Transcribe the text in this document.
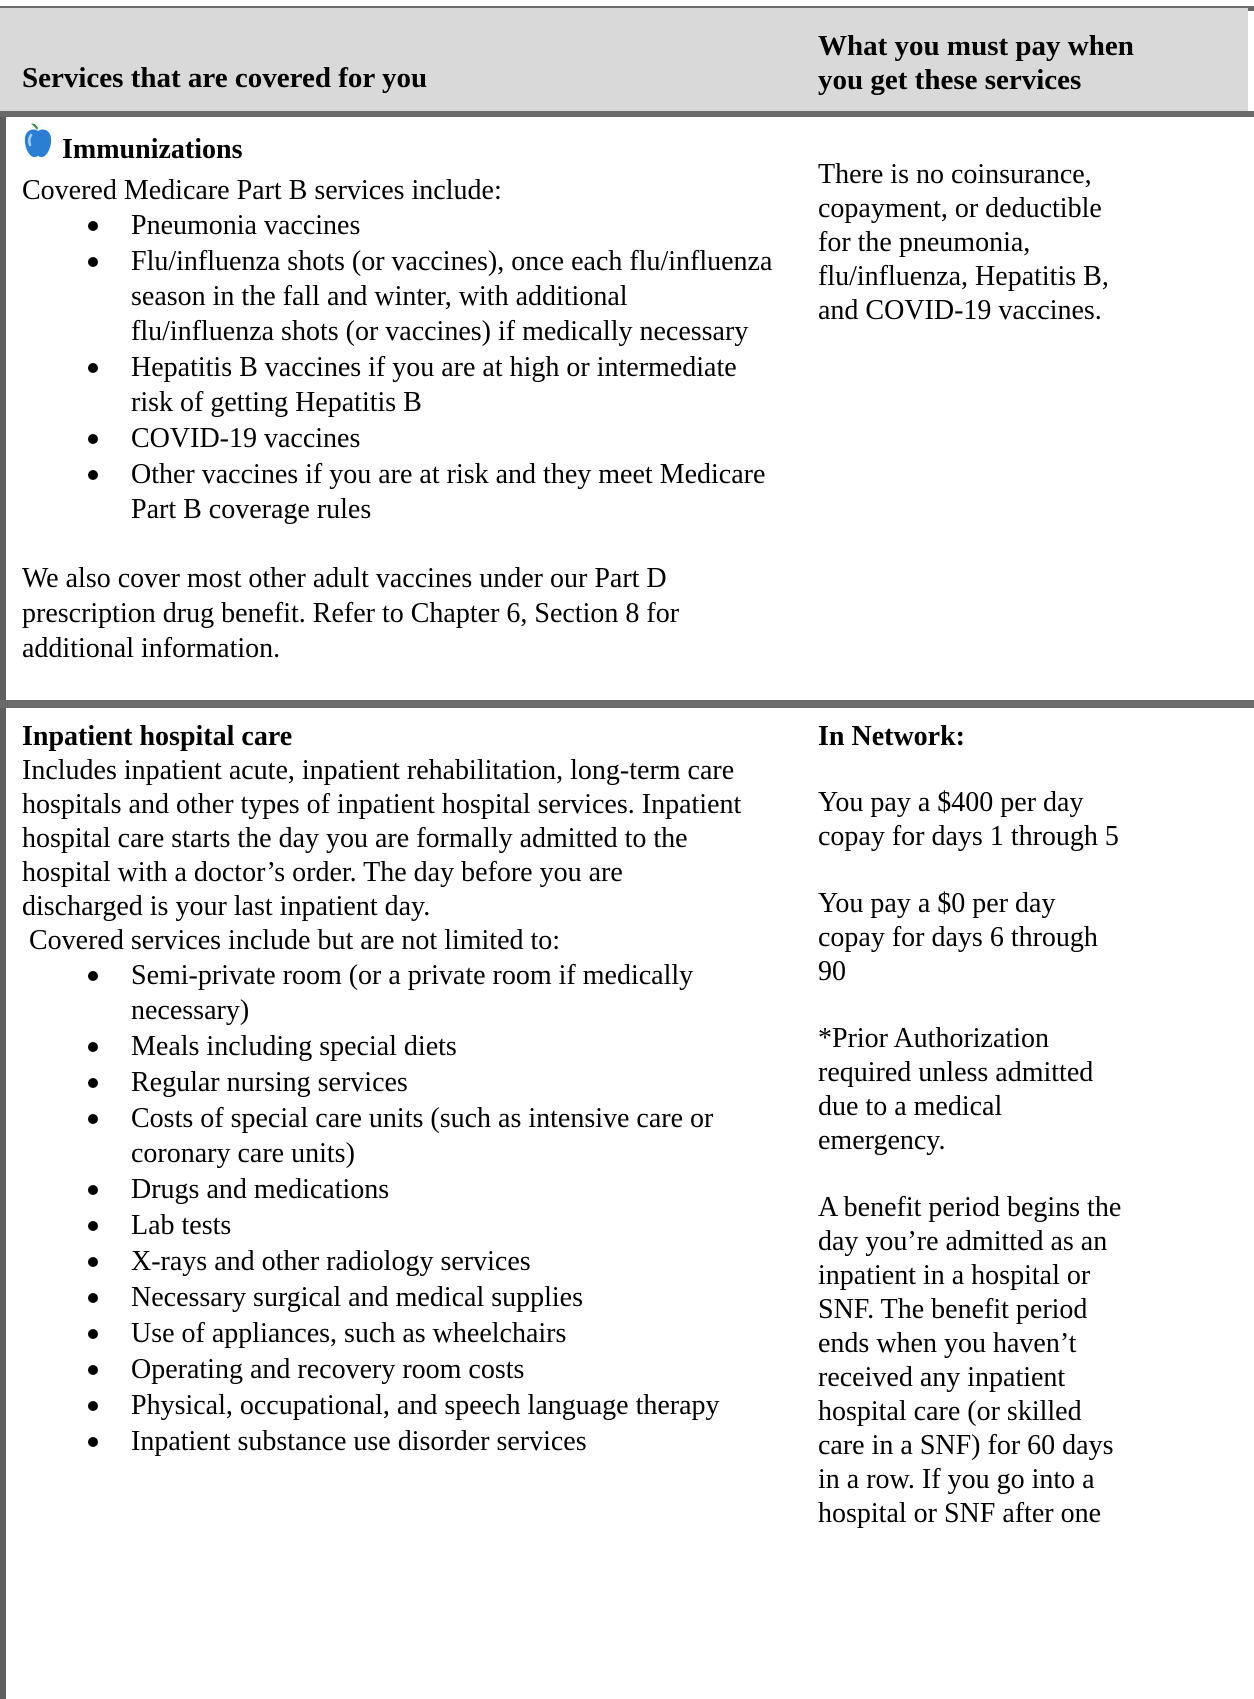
Services that are covered for you
What you must pay when
you get these services
Immunizations

Covered Medicare Part B services include:

Pneumonia vaccines
Flu/influenza shots (or vaccines), once each flu/influenza
season in the fall and winter, with additional
flu/influenza shots (or vaccines) if medically necessary
Hepatitis B vaccines if you are at high or intermediate
risk of getting Hepatitis B
COVID-19 vaccines
Other vaccines if you are at risk and they meet Medicare
Part B coverage rules
We also cover most other adult vaccines under our Part D
prescription drug benefit. Refer to Chapter 6, Section 8 for
additional information.
There is no coinsurance,
copayment, or deductible
for the pneumonia,
flu/influenza, Hepatitis B,
and COVID-19 vaccines.
Inpatient hospital care
Includes inpatient acute, inpatient rehabilitation, long-term care
hospitals and other types of inpatient hospital services. Inpatient
hospital care starts the day you are formally admitted to the
hospital with a doctor’s order. The day before you are
discharged is your last inpatient day.
Covered services include but are not limited to:
Semi-private room (or a private room if medically
necessary)
Meals including special diets
Regular nursing services
Costs of special care units (such as intensive care or
coronary care units)
Drugs and medications
Lab tests
X-rays and other radiology services
Necessary surgical and medical supplies
Use of appliances, such as wheelchairs
Operating and recovery room costs
Physical, occupational, and speech language therapy
Inpatient substance use disorder services
In Network:
You pay a $400 per day
copay for days 1 through 5
You pay a $0 per day
copay for days 6 through
90
*Prior Authorization
required unless admitted
due to a medical
emergency.
A benefit period begins the
day you’re admitted as an
inpatient in a hospital or
SNF. The benefit period
ends when you haven’t
received any inpatient
hospital care (or skilled
care in a SNF) for 60 days
in a row. If you go into a
hospital or SNF after one
